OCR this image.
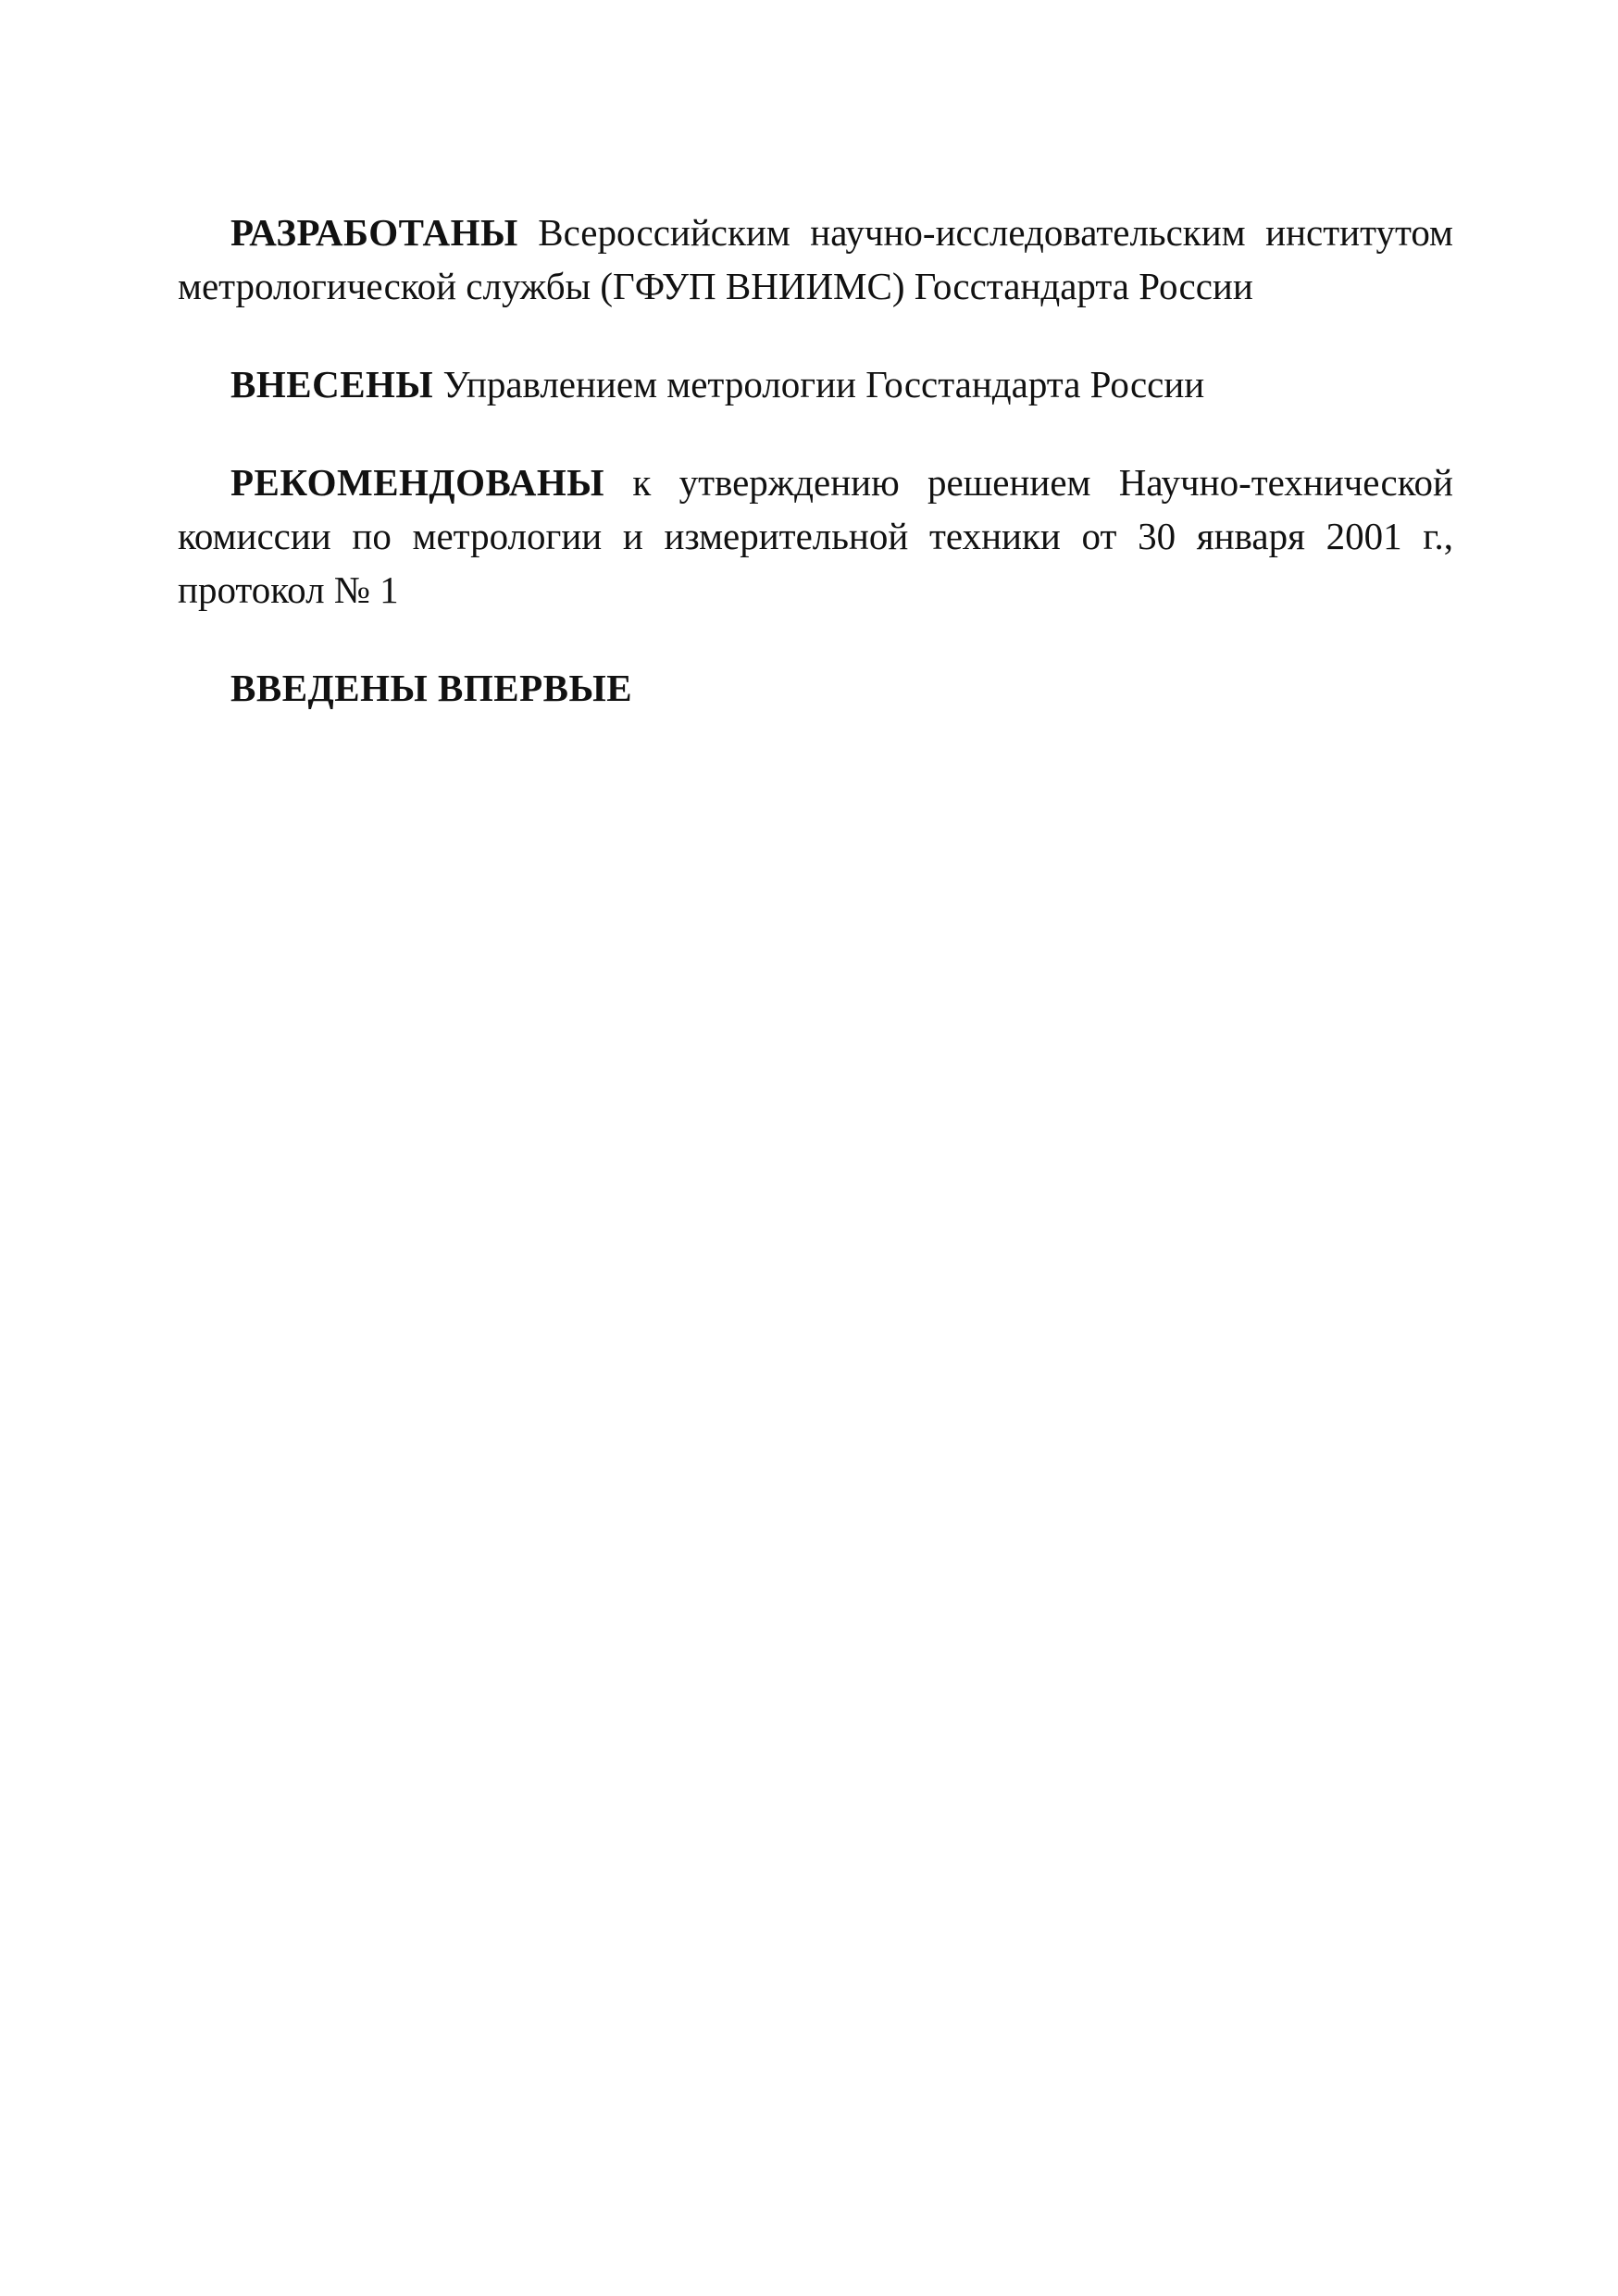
РАЗРАБОТАНЫ Всероссийским научно-исследовательским институтом метрологической службы (ГФУП ВНИИМС) Госстандарта России

ВНЕСЕНЫ Управлением метрологии Госстандарта России

РЕКОМЕНДОВАНЫ к утверждению решением Научно-технической комиссии по метрологии и измерительной техники от 30 января 2001 г., протокол № 1

ВВЕДЕНЫ ВПЕРВЫЕ
